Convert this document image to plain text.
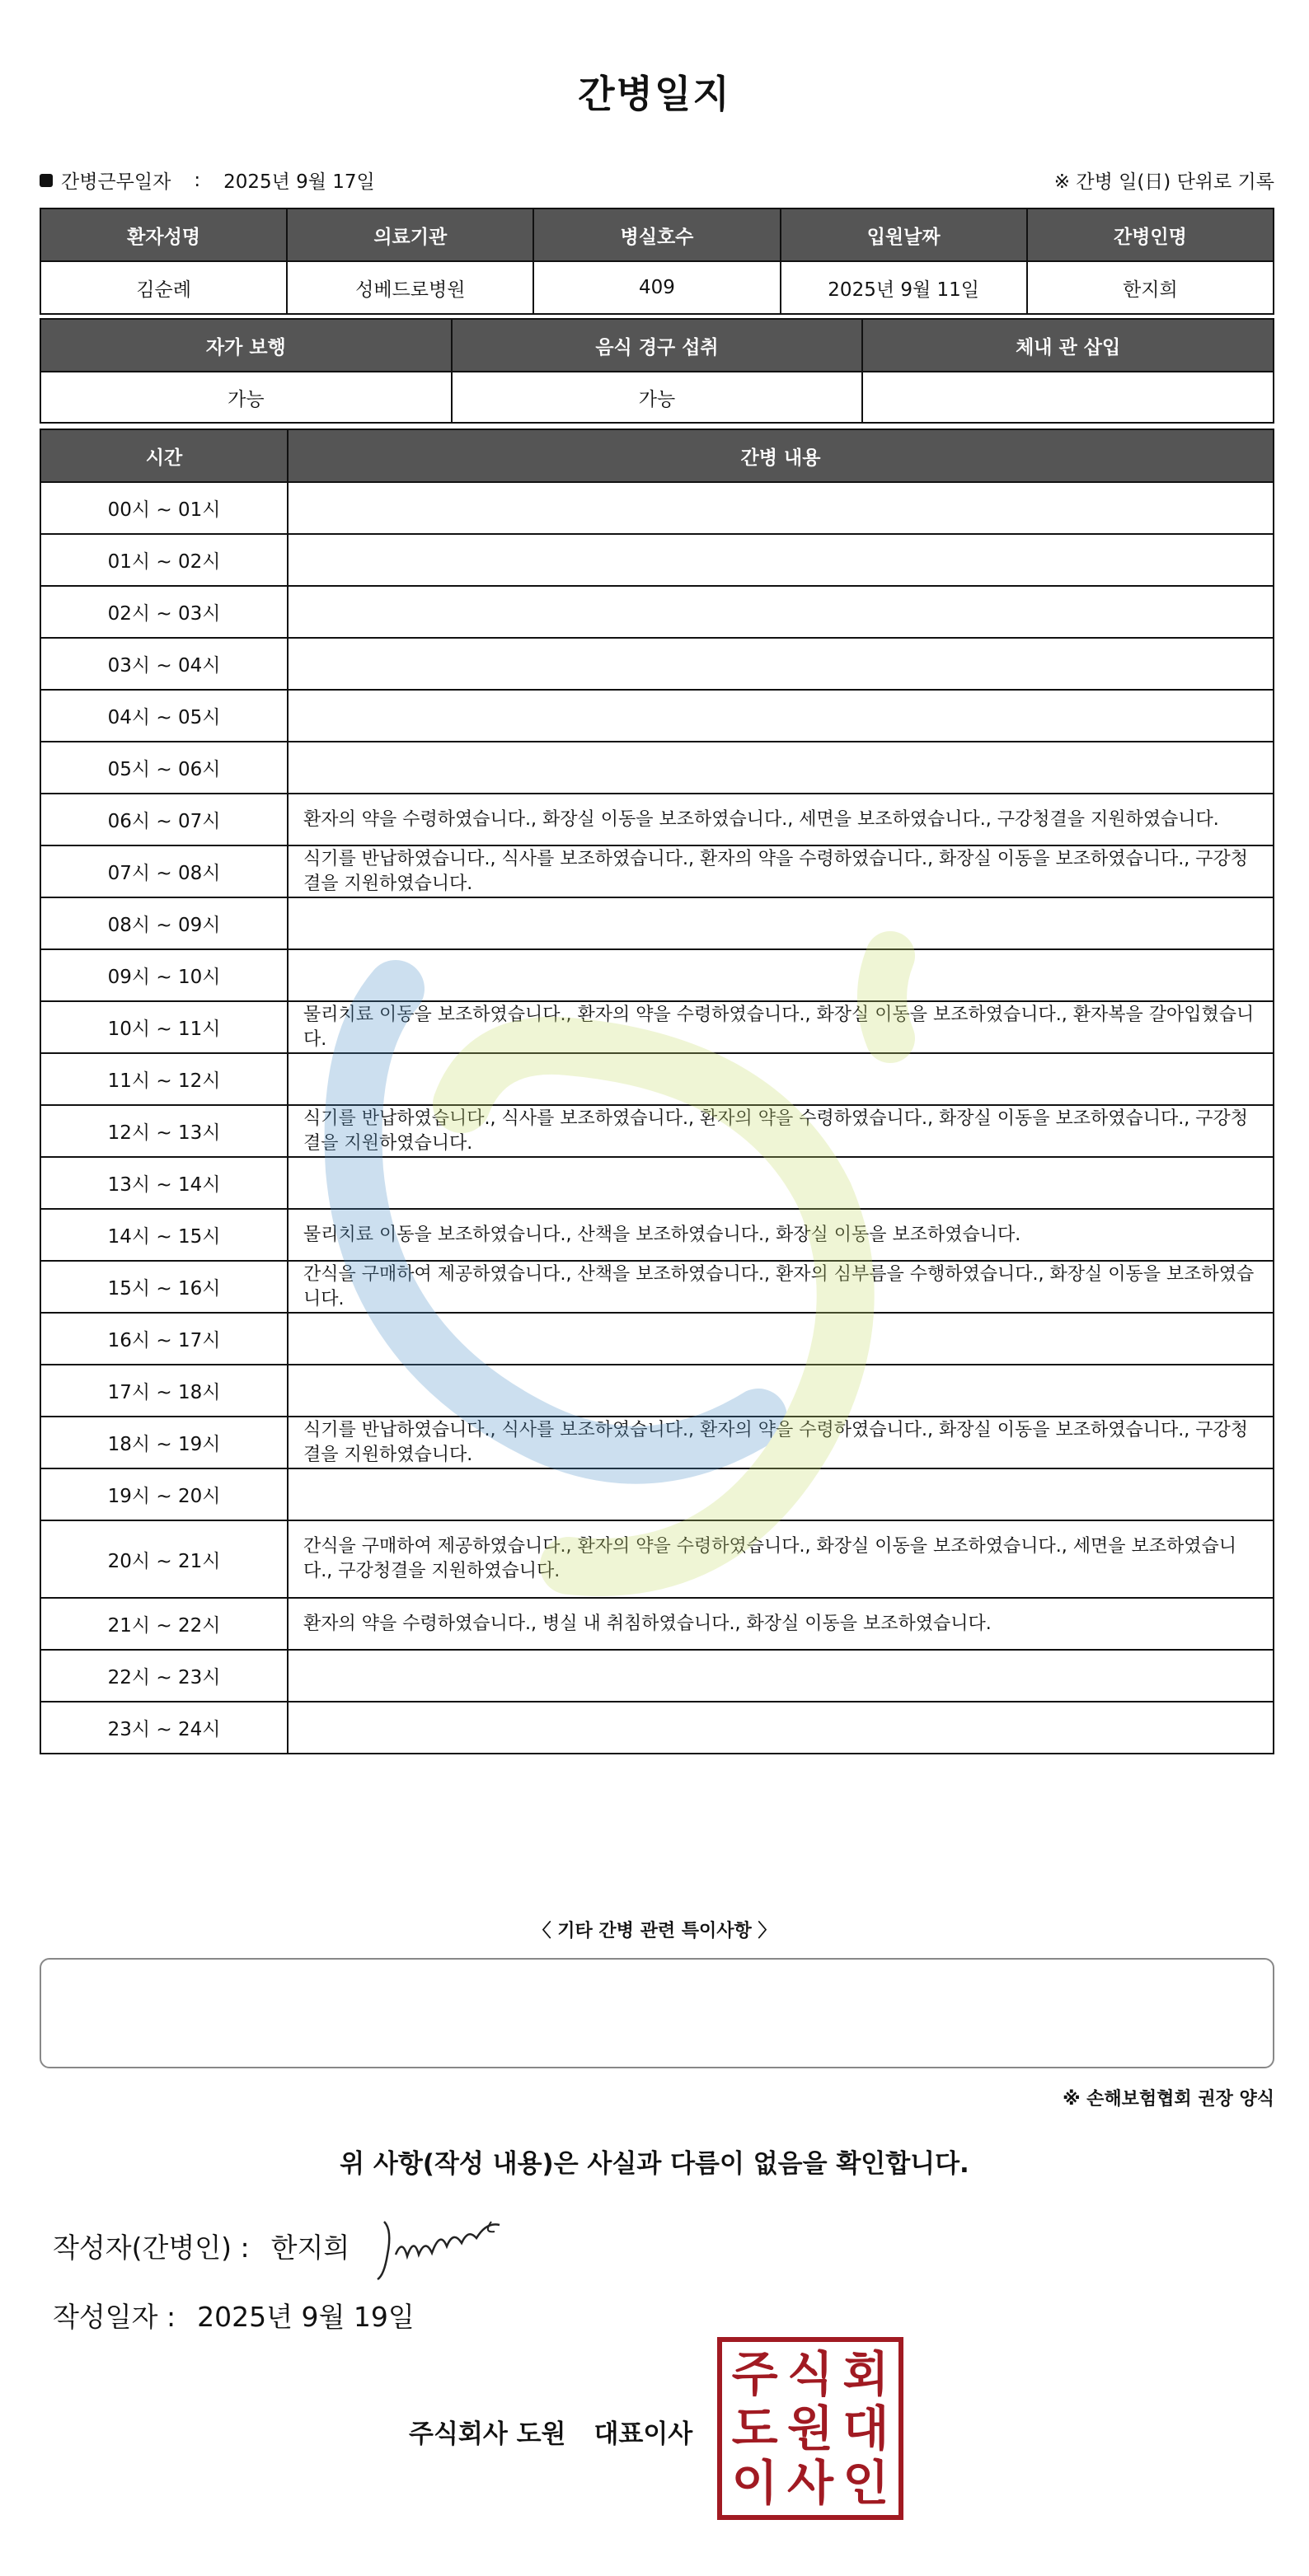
간병일지
간병근무일자 : 2025년 9월 17일	※ 간병 일(日) 단위로 기록
환자성명	의료기관	병실호수	입원날짜	간병인명
김순례	성베드로병원	409	2025년 9월 11일	한지희
자가 보행	음식 경구 섭취	체내 관 삽입
가능	가능	
시간	간병 내용
00시 ~ 01시	
01시 ~ 02시	
02시 ~ 03시	
03시 ~ 04시	
04시 ~ 05시	
05시 ~ 06시	
06시 ~ 07시	환자의 약을 수령하였습니다., 화장실 이동을 보조하였습니다., 세면을 보조하였습니다., 구강청결을 지원하였습니다.
07시 ~ 08시	식기를 반납하였습니다., 식사를 보조하였습니다., 환자의 약을 수령하였습니다., 화장실 이동을 보조하였습니다., 구강청결을 지원하였습니다.
08시 ~ 09시	
09시 ~ 10시	
10시 ~ 11시	물리치료 이동을 보조하였습니다., 환자의 약을 수령하였습니다., 화장실 이동을 보조하였습니다., 환자복을 갈아입혔습니다.
11시 ~ 12시	
12시 ~ 13시	식기를 반납하였습니다., 식사를 보조하였습니다., 환자의 약을 수령하였습니다., 화장실 이동을 보조하였습니다., 구강청결을 지원하였습니다.
13시 ~ 14시	
14시 ~ 15시	물리치료 이동을 보조하였습니다., 산책을 보조하였습니다., 화장실 이동을 보조하였습니다.
15시 ~ 16시	간식을 구매하여 제공하였습니다., 산책을 보조하였습니다., 환자의 심부름을 수행하였습니다., 화장실 이동을 보조하였습니다.
16시 ~ 17시	
17시 ~ 18시	
18시 ~ 19시	식기를 반납하였습니다., 식사를 보조하였습니다., 환자의 약을 수령하였습니다., 화장실 이동을 보조하였습니다., 구강청결을 지원하였습니다.
19시 ~ 20시	
20시 ~ 21시	간식을 구매하여 제공하였습니다., 환자의 약을 수령하였습니다., 화장실 이동을 보조하였습니다., 세면을 보조하였습니다., 구강청결을 지원하였습니다.
21시 ~ 22시	환자의 약을 수령하였습니다., 병실 내 취침하였습니다., 화장실 이동을 보조하였습니다.
22시 ~ 23시	
23시 ~ 24시	
〈 기타 간병 관련 특이사항 〉
※ 손해보험협회 권장 양식
위 사항(작성 내용)은 사실과 다름이 없음을 확인합니다.
작성자(간병인) : 한지희
작성일자 : 2025년 9월 19일
주식회사 도원 대표이사
주 식 회
도 원 대
이 사 인
